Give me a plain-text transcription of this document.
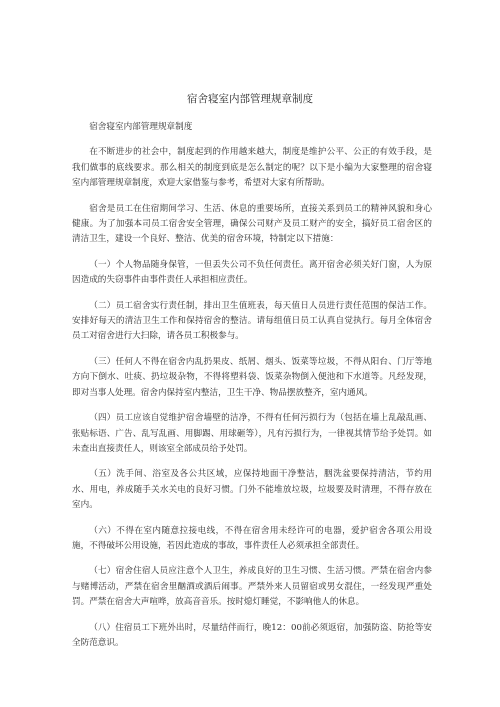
宿舍寝室内部管理规章制度

宿舍寝室内部管理规章制度

在不断进步的社会中，制度起到的作用越来越大，制度是维护公平、公正的有效手段，是我们做事的底线要求。那么相关的制度到底是怎么制定的呢？以下是小编为大家整理的宿舍寝室内部管理规章制度，欢迎大家借鉴与参考，希望对大家有所帮助。

宿舍是员工在住宿期间学习、生活、休息的重要场所，直接关系到员工的精神风貌和身心健康。为了加强本司员工宿舍安全管理，确保公司财产及员工财产的安全，搞好员工宿舍区的清洁卫生，建设一个良好、整洁、优美的宿舍环境，特制定以下措施：

（一）个人物品随身保管，一但丢失公司不负任何责任。离开宿舍必须关好门窗，人为原因造成的失窃事件由事件责任人承担相应责任。

（二）员工宿舍实行责任制，排出卫生值班表，每天值日人员进行责任范围的保洁工作。安排好每天的清洁卫生工作和保持宿舍的整洁。请每组值日员工认真自觉执行。每月全体宿舍员工对宿舍进行大扫除，请各员工积极参与。

（三）任何人不得在宿舍内乱扔果皮、纸屑、烟头、饭菜等垃圾，不得从阳台、门厅等地方向下倒水、吐痰、扔垃圾杂物，不得将塑料袋、饭菜杂物倒入便池和下水道等。凡经发现，即对当事人处理。宿舍内保持室内整洁，卫生干净、物品摆放整齐，室内通风。

（四）员工应该自觉维护宿舍墙壁的洁净，不得有任何污损行为（包括在墙上乱敲乱画、张贴标语、广告、乱写乱画、用脚踢、用球砸等），凡有污损行为，一律视其情节给予处罚。如未查出直接责任人，则该室全部成员给予处罚。

（五）洗手间、浴室及各公共区域，应保持地面干净整洁，胭洗盆要保持清洁，节约用水、用电，养成随手关水关电的良好习惯。门外不能堆放垃圾，垃圾要及时清理，不得存放在室内。

（六）不得在室内随意拉接电线，不得在宿舍用未经许可的电器，爱护宿舍各项公用设施，不得破坏公用设施，若因此造成的事故，事件责任人必须承担全部责任。

（七）宿舍住宿人员应注意个人卫生，养成良好的卫生习惯、生活习惯。严禁在宿舍内参与赌博活动，严禁在宿舍里酗酒或酒后闹事。严禁外来人员留宿或男女混住，一经发现严重处罚。严禁在宿舍大声喧哗，放高音音乐。按时熄灯睡觉，不影响他人的休息。

（八）住宿员工下班外出时，尽量结伴而行，晚12：00前必须返宿，加强防盗、防抢等安全防范意识。
